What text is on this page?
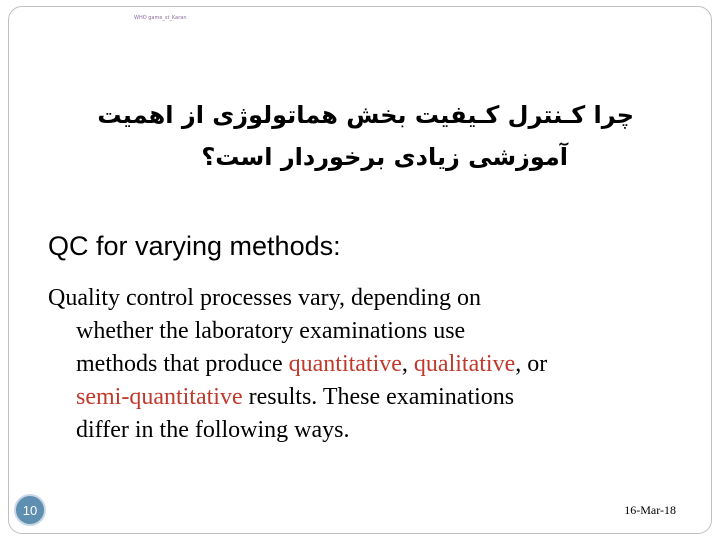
WHO game_st_Karan
چرا کـنترل کـیفیت بخش هماتولوژی از اهمیت
آموزشی زیادی برخوردار است؟
QC for varying methods:
Quality control processes vary, depending on

whether the laboratory examinations use
methods that produce quantitative, qualitative, or
semi-quantitative results. These examinations
differ in the following ways.
10	16-Mar-18
